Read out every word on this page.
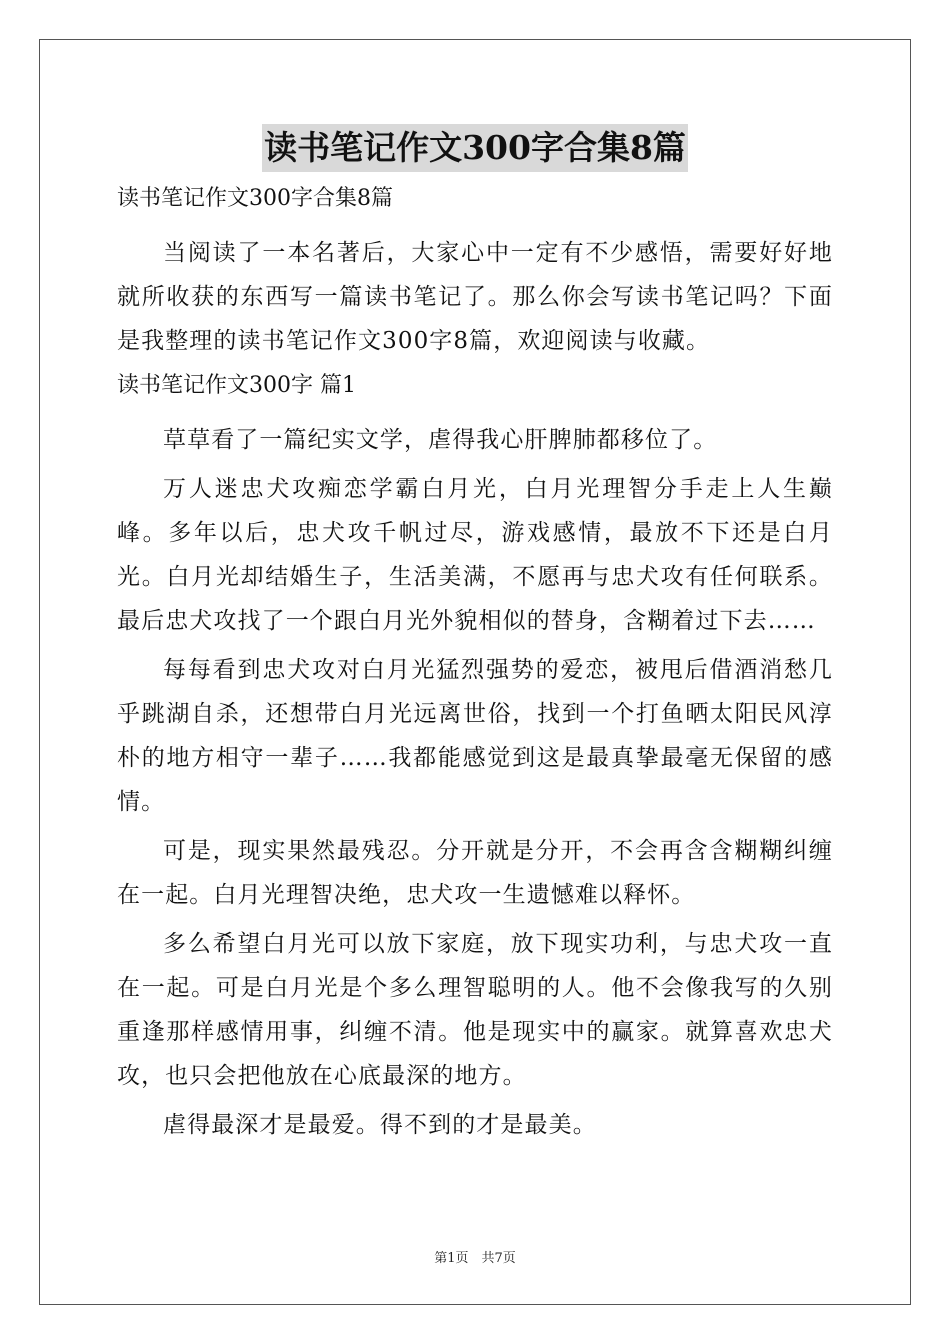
读书笔记作文300字合集8篇
读书笔记作文300字合集8篇

当阅读了一本名著后，大家心中一定有不少感悟，需要好好地就所收获的东西写一篇读书笔记了。那么你会写读书笔记吗？下面是我整理的读书笔记作文300字8篇，欢迎阅读与收藏。

读书笔记作文300字 篇1

草草看了一篇纪实文学，虐得我心肝脾肺都移位了。

万人迷忠犬攻痴恋学霸白月光，白月光理智分手走上人生巅峰。多年以后，忠犬攻千帆过尽，游戏感情，最放不下还是白月光。白月光却结婚生子，生活美满，不愿再与忠犬攻有任何联系。最后忠犬攻找了一个跟白月光外貌相似的替身，含糊着过下去……

每每看到忠犬攻对白月光猛烈强势的爱恋，被甩后借酒消愁几乎跳湖自杀，还想带白月光远离世俗，找到一个打鱼晒太阳民风淳朴的地方相守一辈子……我都能感觉到这是最真挚最毫无保留的感情。

可是，现实果然最残忍。分开就是分开，不会再含含糊糊纠缠在一起。白月光理智决绝，忠犬攻一生遗憾难以释怀。

多么希望白月光可以放下家庭，放下现实功利，与忠犬攻一直在一起。可是白月光是个多么理智聪明的人。他不会像我写的久别重逢那样感情用事，纠缠不清。他是现实中的赢家。就算喜欢忠犬攻，也只会把他放在心底最深的地方。

虐得最深才是最爱。得不到的才是最美。

第1页　共7页
